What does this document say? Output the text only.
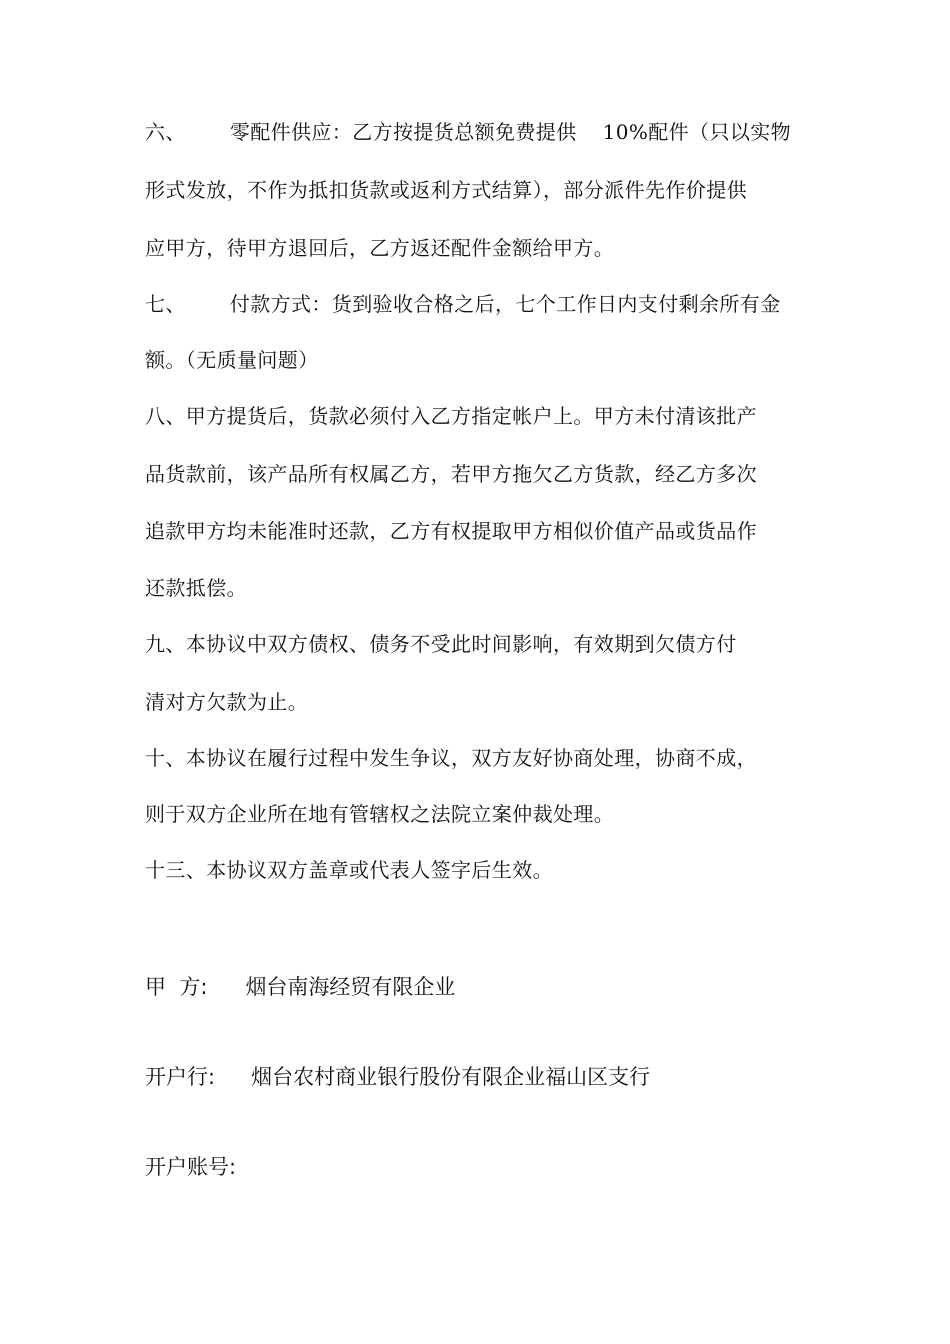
六、 零配件供应：乙方按提货总额免费提供 10%配件（只以实物
形式发放，不作为抵扣货款或返利方式结算），部分派件先作价提供
应甲方，待甲方退回后，乙方返还配件金额给甲方。
七、 付款方式：货到验收合格之后，七个工作日内支付剩余所有金
额。（无质量问题）
八、甲方提货后，货款必须付入乙方指定帐户上。甲方未付清该批产
品货款前，该产品所有权属乙方，若甲方拖欠乙方货款，经乙方多次
追款甲方均未能准时还款，乙方有权提取甲方相似价值产品或货品作
还款抵偿。
九、本协议中双方债权、债务不受此时间影响，有效期到欠债方付
清对方欠款为止。
十、本协议在履行过程中发生争议，双方友好协商处理，协商不成，
则于双方企业所在地有管辖权之法院立案仲裁处理。
十三、本协议双方盖章或代表人签字后生效。
甲  方: 烟台南海经贸有限企业
开户行: 烟台农村商业银行股份有限企业福山区支行
开户账号:
